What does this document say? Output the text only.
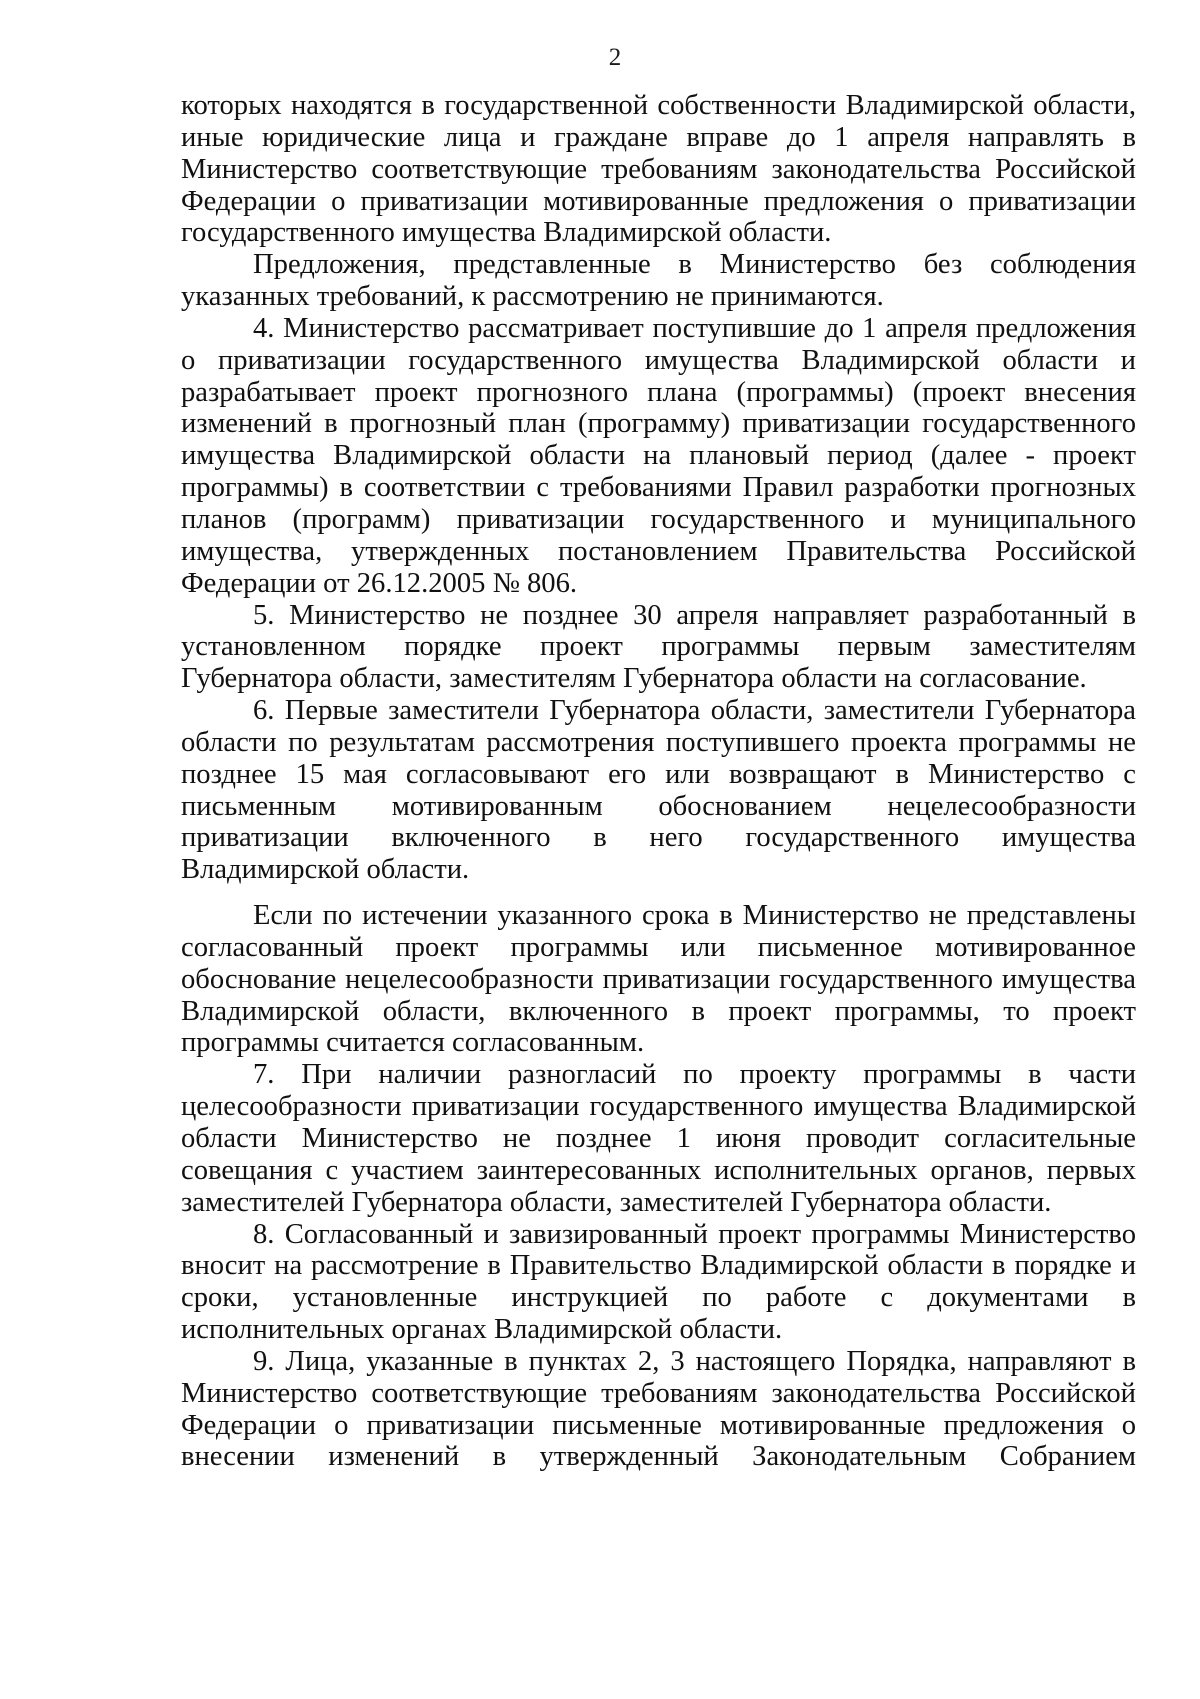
2

которых находятся в государственной собственности Владимирской области, иные юридические лица и граждане вправе до 1 апреля направлять в Министерство соответствующие требованиям законодательства Российской Федерации о приватизации мотивированные предложения о приватизации государственного имущества Владимирской области.

Предложения, представленные в Министерство без соблюдения указанных требований, к рассмотрению не принимаются.

4. Министерство рассматривает поступившие до 1 апреля предложения о приватизации государственного имущества Владимирской области и разрабатывает проект прогнозного плана (программы) (проект внесения изменений в прогнозный план (программу) приватизации государственного имущества Владимирской области на плановый период (далее - проект программы) в соответствии с требованиями Правил разработки прогнозных планов (программ) приватизации государственного и муниципального имущества, утвержденных постановлением Правительства Российской Федерации от 26.12.2005 № 806.

5. Министерство не позднее 30 апреля направляет разработанный в установленном порядке проект программы первым заместителям Губернатора области, заместителям Губернатора области на согласование.

6. Первые заместители Губернатора области, заместители Губернатора области по результатам рассмотрения поступившего проекта программы не позднее 15 мая согласовывают его или возвращают в Министерство с письменным мотивированным обоснованием нецелесообразности приватизации включенного в него государственного имущества Владимирской области.

Если по истечении указанного срока в Министерство не представлены согласованный проект программы или письменное мотивированное обоснование нецелесообразности приватизации государственного имущества Владимирской области, включенного в проект программы, то проект программы считается согласованным.

7. При наличии разногласий по проекту программы в части целесообразности приватизации государственного имущества Владимирской области Министерство не позднее 1 июня проводит согласительные совещания с участием заинтересованных исполнительных органов, первых заместителей Губернатора области, заместителей Губернатора области.

8. Согласованный и завизированный проект программы Министерство вносит на рассмотрение в Правительство Владимирской области в порядке и сроки, установленные инструкцией по работе с документами в исполнительных органах Владимирской области.

9. Лица, указанные в пунктах 2, 3 настоящего Порядка, направляют в Министерство соответствующие требованиям законодательства Российской Федерации о приватизации письменные мотивированные предложения о внесении изменений в утвержденный Законодательным Собранием
